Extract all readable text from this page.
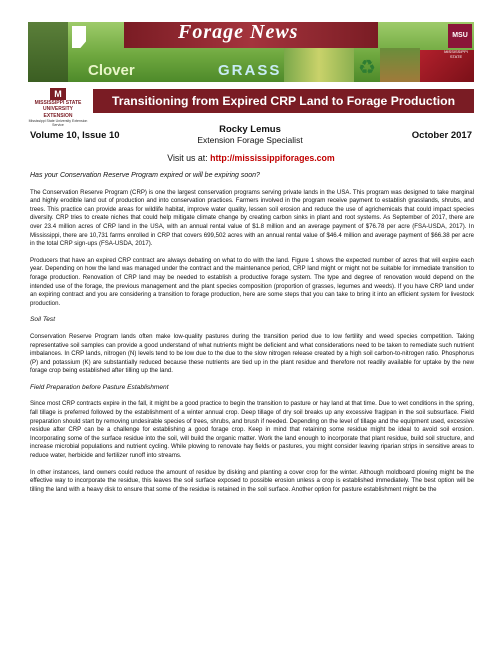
Forage News
Clover	GRASS	♻
MSU
MISSISSIPPI STATE
M
MISSISSIPPI STATE
UNIVERSITY
EXTENSION
Mississippi State University Extension Service
Transitioning from Expired CRP Land to Forage Production
Volume 10, Issue 10
Rocky Lemus
Extension Forage Specialist	October 2017
Visit us at: http://mississippiforages.com

Has your Conservation Reserve Program expired or will be expiring soon?

The Conservation Reserve Program (CRP) is one the largest conservation programs serving private lands in the USA. This program was designed to take marginal and highly erodible land out of production and into conservation practices. Farmers involved in the program receive payment to establish grasslands, shrubs, and trees. This practice can provide areas for wildlife habitat, improve water quality, lessen soil erosion and reduce the use of agrichemicals that could impact species diversity. CRP tries to create niches that could help mitigate climate change by creating carbon sinks in plant and root systems. As September of 2017, there are over 23.4 million acres of CRP land in the USA, with an annual rental value of $1.8 million and an average payment of $76.78 per acre (FSA-USDA, 2017). In Mississippi, there are 10,731 farms enrolled in CRP that covers 699,502 acres with an annual rental value of $46.4 million and average payment of $66.38 per acre in the total CRP sign-ups (FSA-USDA, 2017).

Producers that have an expired CRP contract are always debating on what to do with the land. Figure 1 shows the expected number of acres that will expire each year. Depending on how the land was managed under the contract and the maintenance period, CRP land might or might not be suitable for immediate transition to forage production. Renovation of CRP land may be needed to establish a productive forage system. The type and degree of renovation would depend on the intended use of the forage, the previous management and the plant species composition (proportion of grasses, legumes and weeds). If you have CRP land under an expiring contract and you are considering a transition to forage production, here are some steps that you can take to bring it into an efficient system for livestock production.

Soil Test

Conservation Reserve Program lands often make low-quality pastures during the transition period due to low fertility and weed species competition. Taking representative soil samples can provide a good understand of what nutrients might be deficient and what considerations need to be taken to remediate such nutrient imbalances. In CRP lands, nitrogen (N) levels tend to be low due to the due to the slow nitrogen release created by a high soil carbon-to-nitrogen ratio. Phosphorus (P) and potassium (K) are substantially reduced because these nutrients are tied up in the plant residue and therefore not readily available for uptake by the new forage crop being established after tilling up the land.

Field Preparation before Pasture Establishment

Since most CRP contracts expire in the fall, it might be a good practice to begin the transition to pasture or hay land at that time. Due to wet conditions in the spring, fall tillage is preferred followed by the establishment of a winter annual crop. Deep tillage of dry soil breaks up any excessive fragipan in the soil subsurface. Field preparation should start by removing undesirable species of trees, shrubs, and brush if needed. Depending on the level of tillage and the equipment used, excessive residue after CRP can be a challenge for establishing a good forage crop. Keep in mind that retaining some residue might be ideal to avoid soil erosion. Incorporating some of the surface residue into the soil, will build the organic matter. Work the land enough to incorporate that plant residue, build soil structure, and increase microbial populations and nutrient cycling. While plowing to renovate hay fields or pastures, you might consider leaving riparian strips in sensitive areas to reduce water, herbicide and fertilizer runoff into streams.

In other instances, land owners could reduce the amount of residue by disking and planting a cover crop for the winter. Although moldboard plowing might be the effective way to incorporate the residue, this leaves the soil surface exposed to possible erosion unless a crop is established immediately. The best option will be tilling the land with a heavy disk to ensure that some of the residue is retained in the soil surface. Another option for pasture establishment might be the
